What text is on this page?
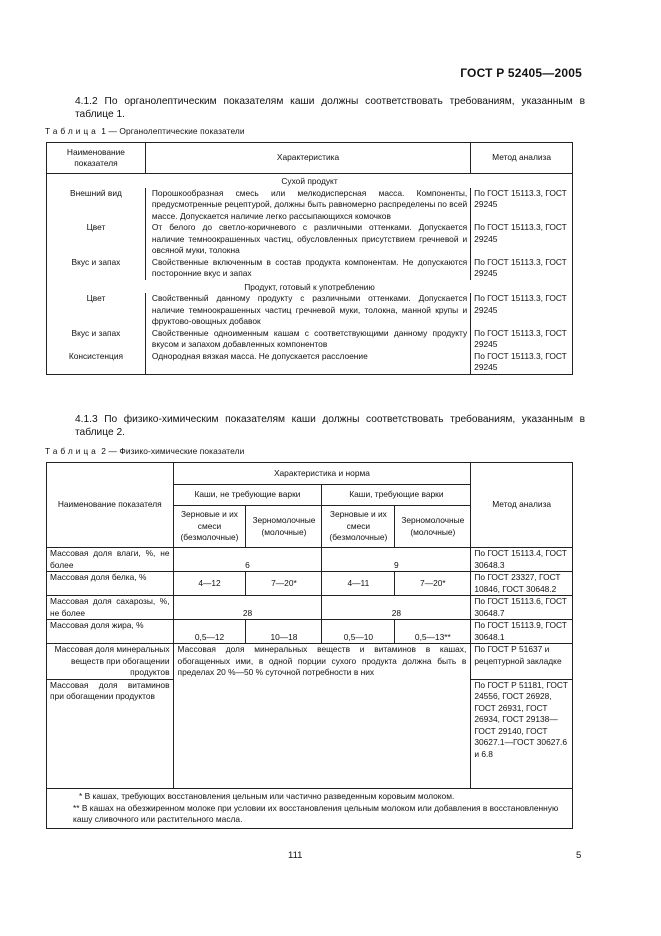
ГОСТ Р 52405—2005
4.1.2 По органолептическим показателям каши должны соответствовать требованиям, указанным в таблице 1.
Таблица 1 — Органолептические показатели
Наименование показателя	Характеристика	Метод анализа
Сухой продукт		
Внешний вид	Порошкообразная смесь или мелкодисперсная масса. Компоненты, предусмотренные рецептурой, должны быть равномерно распределены по всей массе. Допускается наличие легко рассыпающихся комочков	По ГОСТ 15113.3, ГОСТ 29245
Цвет	От белого до светло-коричневого с различными оттенками. Допускается наличие темноокрашенных частиц, обусловленных присутствием гречневой и овсяной муки, толокна	По ГОСТ 15113.3, ГОСТ 29245
Вкус и запах	Свойственные включенным в состав продукта компонентам. Не допускаются посторонние вкус и запах	По ГОСТ 15113.3, ГОСТ 29245
Продукт, готовый к употреблению		
Цвет	Свойственный данному продукту с различными оттенками. Допускается наличие темноокрашенных частиц гречневой муки, толокна, манной крупы и фруктово-овощных добавок	По ГОСТ 15113.3, ГОСТ 29245
Вкус и запах	Свойственные одноименным кашам с соответствующими данному продукту вкусом и запахом добавленных компонентов	По ГОСТ 15113.3, ГОСТ 29245
Консистенция	Однородная вязкая масса. Не допускается расслоение	По ГОСТ 15113.3, ГОСТ 29245
4.1.3 По физико-химическим показателям каши должны соответствовать требованиям, указанным в таблице 2.
Таблица 2 — Физико-химические показатели
Наименование показателя	Характеристика и норма				Метод анализа
	Каши, не требующие варки		Каши, требующие варки		
	Зерновые и их смеси (безмолочные)	Зерномолочные (молочные)	Зерновые и их смеси (безмолочные)	Зерномолочные (молочные)	
Массовая доля влаги, %, не более	6		9		По ГОСТ 15113.4, ГОСТ 30648.3
Массовая доля белка, %	4—12	7—20*	4—11	7—20*	По ГОСТ 23327, ГОСТ 10846, ГОСТ 30648.2
Массовая доля сахарозы, %, не более	28		28		По ГОСТ 15113.6, ГОСТ 30648.7
Массовая доля жира, %	0,5—12	10—18	0,5—10	0,5—13**	По ГОСТ 15113.9, ГОСТ 30648.1
Массовая доля минеральных веществ при обогащении продуктов	Массовая доля минеральных веществ и витаминов в кашах, обогащенных ими, в одной порции сухого продукта должна быть в пределах 20 %—50 % суточной потребности в них				По ГОСТ Р 51637 и рецептурной закладке
Массовая доля витаминов при обогащении продуктов					По ГОСТ Р 51181, ГОСТ 24556, ГОСТ 26928, ГОСТ 26931, ГОСТ 26934, ГОСТ 29138—ГОСТ 29140, ГОСТ 30627.1—ГОСТ 30627.6 и 6.8
* В кашах, требующих восстановления цельным или частично разведенным коровьим молоком.
** В кашах на обезжиренном молоке при условии их восстановления цельным молоком или добавления в восстановленную кашу сливочного или растительного масла.
111	5
